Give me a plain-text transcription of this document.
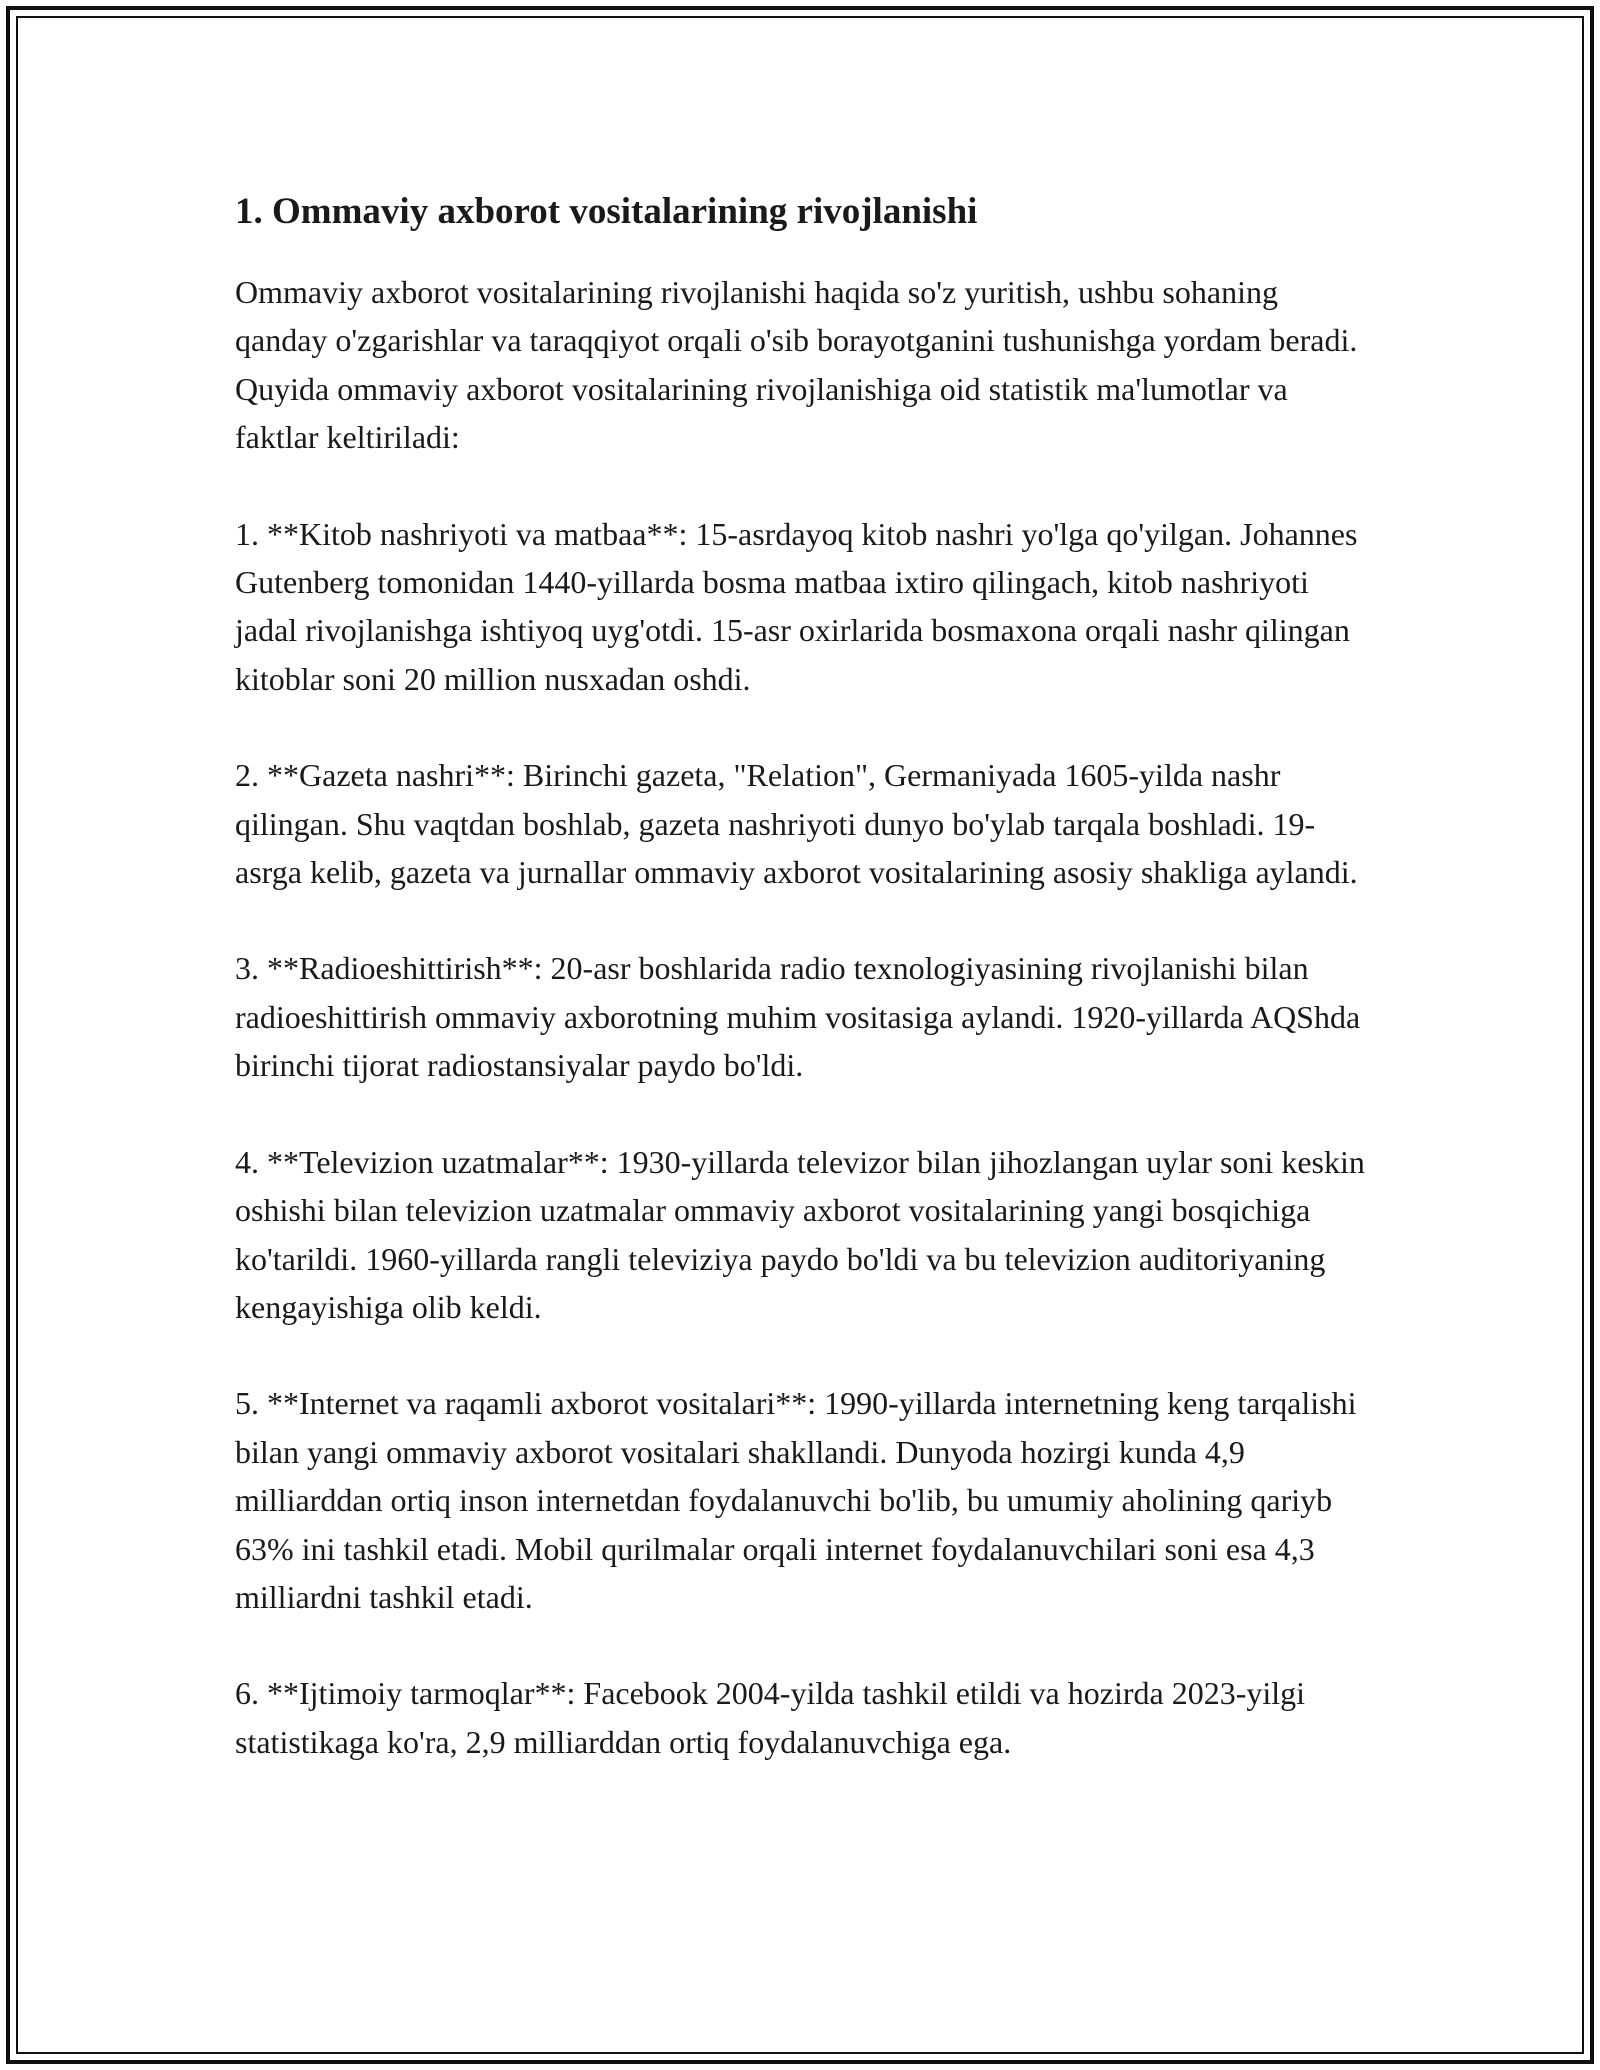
1. Ommaviy axborot vositalarining rivojlanishi

Ommaviy axborot vositalarining rivojlanishi haqida so'z yuritish, ushbu sohaning qanday o'zgarishlar va taraqqiyot orqali o'sib borayotganini tushunishga yordam beradi. Quyida ommaviy axborot vositalarining rivojlanishiga oid statistik ma'lumotlar va faktlar keltiriladi:

1. **Kitob nashriyoti va matbaa**: 15-asrdayoq kitob nashri yo'lga qo'yilgan. Johannes Gutenberg tomonidan 1440-yillarda bosma matbaa ixtiro qilingach, kitob nashriyoti jadal rivojlanishga ishtiyoq uyg'otdi. 15-asr oxirlarida bosmaxona orqali nashr qilingan kitoblar soni 20 million nusxadan oshdi.

2. **Gazeta nashri**: Birinchi gazeta, "Relation", Germaniyada 1605-yilda nashr qilingan. Shu vaqtdan boshlab, gazeta nashriyoti dunyo bo'ylab tarqala boshladi. 19-asrga kelib, gazeta va jurnallar ommaviy axborot vositalarining asosiy shakliga aylandi.

3. **Radioeshittirish**: 20-asr boshlarida radio texnologiyasining rivojlanishi bilan radioeshittirish ommaviy axborotning muhim vositasiga aylandi. 1920-yillarda AQShda birinchi tijorat radiostansiyalar paydo bo'ldi.

4. **Televizion uzatmalar**: 1930-yillarda televizor bilan jihozlangan uylar soni keskin oshishi bilan televizion uzatmalar ommaviy axborot vositalarining yangi bosqichiga ko'tarildi. 1960-yillarda rangli televiziya paydo bo'ldi va bu televizion auditoriyaning kengayishiga olib keldi.

5. **Internet va raqamli axborot vositalari**: 1990-yillarda internetning keng tarqalishi bilan yangi ommaviy axborot vositalari shakllandi. Dunyoda hozirgi kunda 4,9 milliarddan ortiq inson internetdan foydalanuvchi bo'lib, bu umumiy aholining qariyb 63% ini tashkil etadi. Mobil qurilmalar orqali internet foydalanuvchilari soni esa 4,3 milliardni tashkil etadi.

6. **Ijtimoiy tarmoqlar**: Facebook 2004-yilda tashkil etildi va hozirda 2023-yilgi statistikaga ko'ra, 2,9 milliarddan ortiq foydalanuvchiga ega.
